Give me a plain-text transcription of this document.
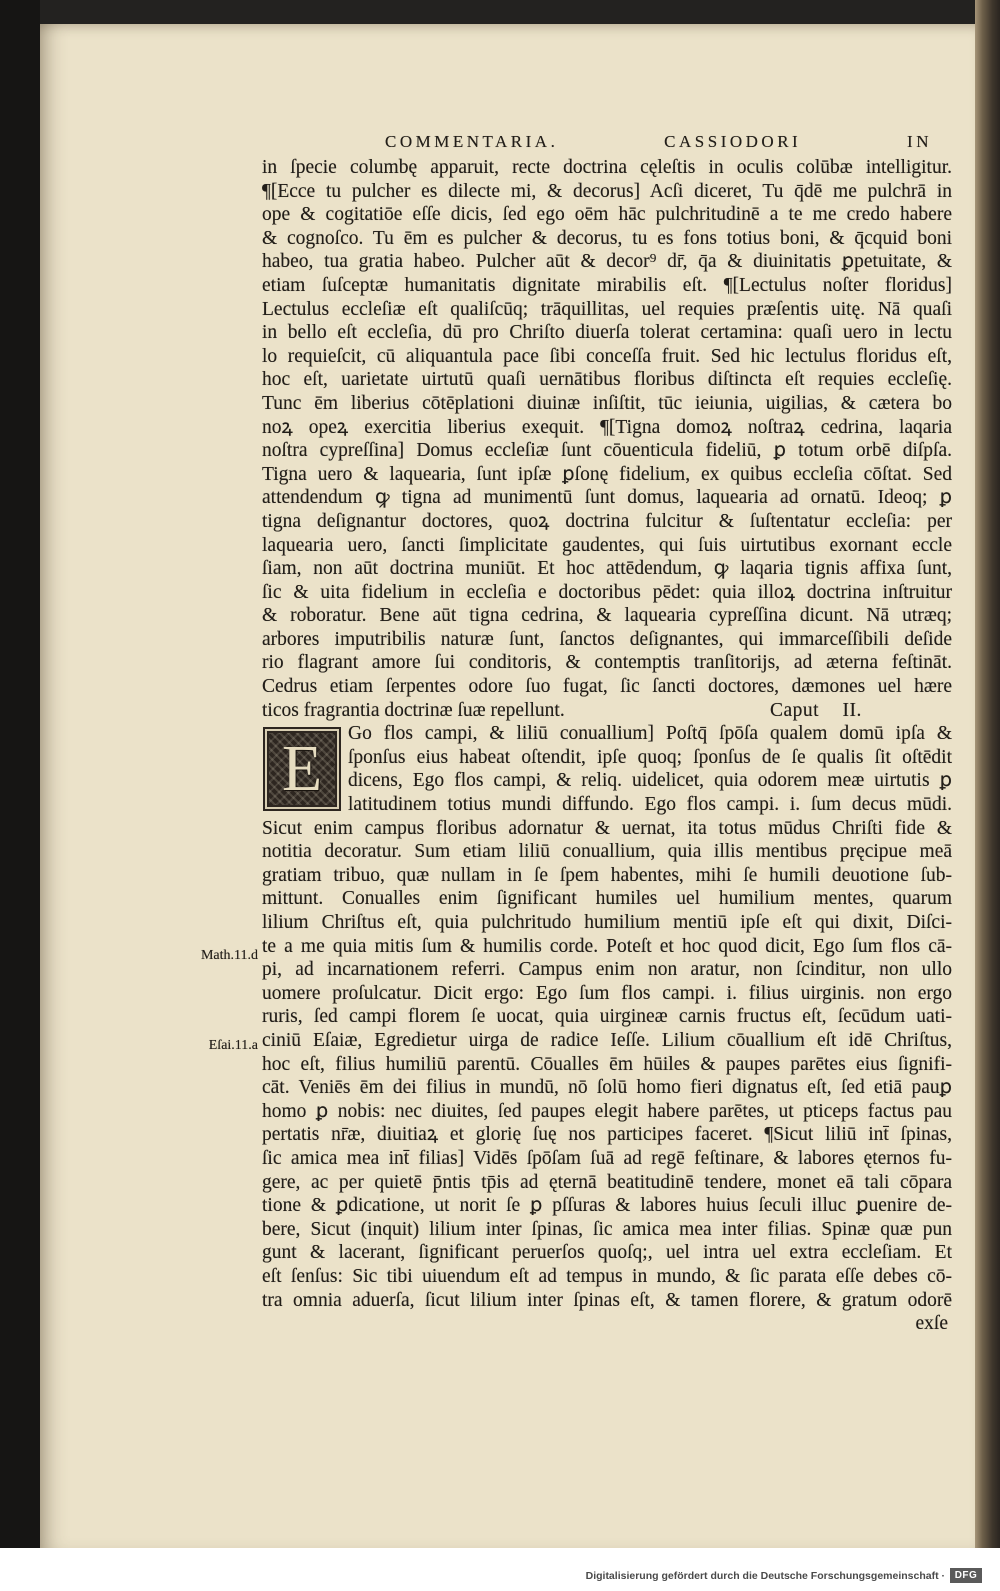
COMMENTARIA. CASSIODORI IN
Math.11.d
Eſai.11.a
in ſpecie columbę apparuit, recte doctrina cęleſtis in oculis colūbæ intelligitur.
¶[Ecce tu pulcher es dilecte mi, & decorus] Acſi diceret, Tu q̄dē me pulchrā in
ope & cogitatiōe eſſe dicis, ſed ego oēm hāc pulchritudinē a te me credo habere
& cognoſco. Tu ēm es pulcher & decorus, tu es fons totius boni, & q̄cquid boni
habeo, tua gratia habeo. Pulcher aūt & decor⁹ dr̄, q̄a & diuinitatis ꝑpetuitate, &
etiam ſuſceptæ humanitatis dignitate mirabilis eſt. ¶[Lectulus noſter floridus]
Lectulus eccleſiæ eſt qualiſcūq; trāquillitas, uel requies præſentis uitę. Nā quaſi
in bello eſt eccleſia, dū pro Chriſto diuerſa tolerat certamina: quaſi uero in lectu
lo requieſcit, cū aliquantula pace ſibi conceſſa fruit. Sed hic lectulus floridus eſt,
hoc eſt, uarietate uirtutū quaſi uernātibus floribus diſtincta eſt requies eccleſię.
Tunc ēm liberius cōtēplationi diuinæ inſiſtit, tūc ieiunia, uigilias, & cætera bo
noꝝ opeꝝ exercitia liberius exequit. ¶[Tigna domoꝝ noſtraꝝ cedrina, laqaria
noſtra cypreſſina] Domus eccleſiæ ſunt cōuenticula fideliū, ꝑ totum orbē diſpſa.
Tigna uero & laquearia, ſunt ipſæ ꝑſonę fidelium, ex quibus eccleſia cōſtat. Sed
attendendum ꝙ tigna ad munimentū ſunt domus, laquearia ad ornatū. Ideoq; ꝑ
tigna deſignantur doctores, quoꝝ doctrina fulcitur & ſuſtentatur eccleſia: per
laquearia uero, ſancti ſimplicitate gaudentes, qui ſuis uirtutibus exornant eccle
ſiam, non aūt doctrina muniūt. Et hoc attēdendum, ꝙ laqaria tignis affixa ſunt,
ſic & uita fidelium in eccleſia e doctoribus pēdet: quia illoꝝ doctrina inſtruitur
& roboratur. Bene aūt tigna cedrina, & laquearia cypreſſina dicunt. Nā utræq;
arbores imputribilis naturæ ſunt, ſanctos deſignantes, qui immarceſſibili deſide
rio flagrant amore ſui conditoris, & contemptis tranſitorijs, ad æterna feſtināt.
Cedrus etiam ſerpentes odore ſuo fugat, ſic ſancti doctores, dæmones uel hære
ticos fragrantia doctrinæ ſuæ repellunt.	Caput II.
Go flos campi, & liliū conuallium] Poſtq̄ ſpōſa qualem domū ipſa &
ſponſus eius habeat oſtendit, ipſe quoq; ſponſus de ſe qualis ſit oſtēdit
dicens, Ego flos campi, & reliq. uidelicet, quia odorem meæ uirtutis ꝑ
latitudinem totius mundi diffundo. Ego flos campi. i. ſum decus mūdi.
Sicut enim campus floribus adornatur & uernat, ita totus mūdus Chriſti fide &
notitia decoratur. Sum etiam liliū conuallium, quia illis mentibus pręcipue meā
gratiam tribuo, quæ nullam in ſe ſpem habentes, mihi ſe humili deuotione ſub-
mittunt. Conualles enim ſignificant humiles uel humilium mentes, quarum
lilium Chriſtus eſt, quia pulchritudo humilium mentiū ipſe eſt qui dixit, Diſci-
te a me quia mitis ſum & humilis corde. Poteſt et hoc quod dicit, Ego ſum flos cā-
pi, ad incarnationem referri. Campus enim non aratur, non ſcinditur, non ullo
uomere proſulcatur. Dicit ergo: Ego ſum flos campi. i. filius uirginis. non ergo
ruris, ſed campi florem ſe uocat, quia uirgineæ carnis fructus eſt, ſecūdum uati-
ciniū Eſaiæ, Egredietur uirga de radice Ieſſe. Lilium cōuallium eſt idē Chriſtus,
hoc eſt, filius humiliū parentū. Cōualles ēm hūiles & paupes parētes eius ſignifi-
cāt. Veniēs ēm dei filius in mundū, nō ſolū homo fieri dignatus eſt, ſed etiā pauꝑ
homo ꝑ nobis: nec diuites, ſed paupes elegit habere parētes, ut pticeps factus pau
pertatis nr̄æ, diuitiaꝝ et glorię ſuę nos participes faceret. ¶Sicut liliū int̄ ſpinas,
ſic amica mea int̄ filias] Vidēs ſpōſam ſuā ad regē feſtinare, & labores ęternos fu-
gere, ac per quietē p̄ntis tp̄is ad ęternā beatitudinē tendere, monet eā tali cōpara
tione & ꝑdicatione, ut norit ſe ꝑ pſſuras & labores huius ſeculi illuc ꝑuenire de-
bere, Sicut (inquit) lilium inter ſpinas, ſic amica mea inter filias. Spinæ quæ pun
gunt & lacerant, ſignificant peruerſos quoſq;, uel intra uel extra eccleſiam. Et
eſt ſenſus: Sic tibi uiuendum eſt ad tempus in mundo, & ſic parata eſſe debes cō-
tra omnia aduerſa, ſicut lilium inter ſpinas eſt, & tamen florere, & gratum odorē
exſe
E
Digitalisierung gefördert durch die Deutsche Forschungsgemeinschaft · DFG
